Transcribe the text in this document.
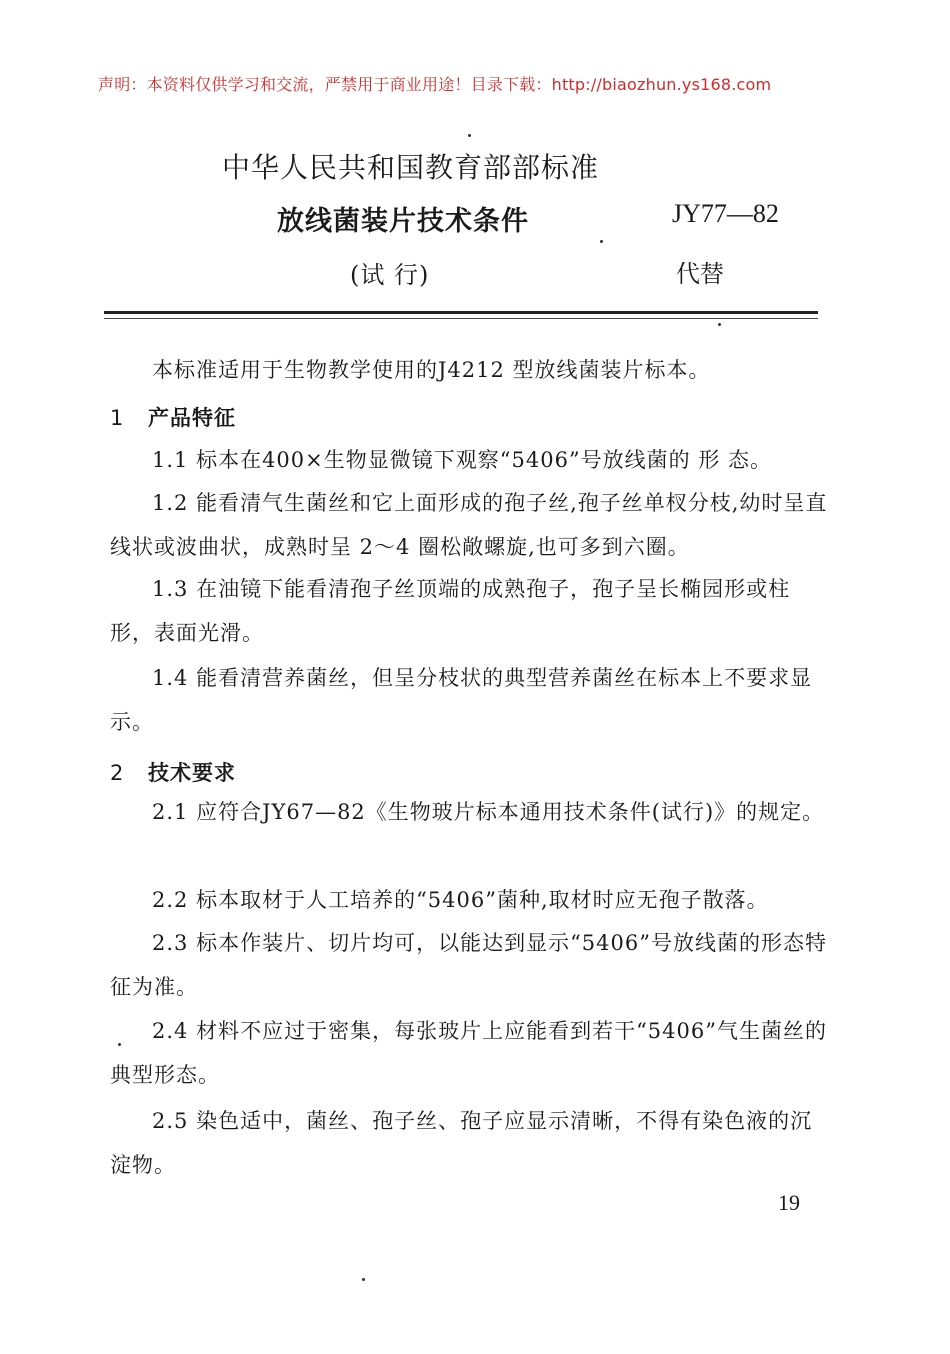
声明：本资料仅供学习和交流，严禁用于商业用途！目录下载：http://biaozhun.ys168.com
中华人民共和国教育部部标准
放线菌装片技术条件	JY77—82
(试 行)	代替
本标准适用于生物教学使用的J4212 型放线菌装片标本。
1 产品特征
1.1 标本在400×生物显微镜下观察“5406”号放线菌的 形 态。
1.2 能看清气生菌丝和它上面形成的孢子丝,孢子丝单杈分枝,幼时呈直线状或波曲状，成熟时呈 2～4 圈松敞螺旋,也可多到六圈。
1.3 在油镜下能看清孢子丝顶端的成熟孢子，孢子呈长椭园形或柱形，表面光滑。
1.4 能看清营养菌丝，但呈分枝状的典型营养菌丝在标本上不要求显示。
2 技术要求
2.1 应符合JY67—82《生物玻片标本通用技术条件(试行)》的规定。
2.2 标本取材于人工培养的“5406”菌种,取材时应无孢子散落。
2.3 标本作装片、切片均可，以能达到显示“5406”号放线菌的形态特征为准。
2.4 材料不应过于密集，每张玻片上应能看到若干“5406”气生菌丝的典型形态。
2.5 染色适中，菌丝、孢子丝、孢子应显示清晰，不得有染色液的沉淀物。
19
